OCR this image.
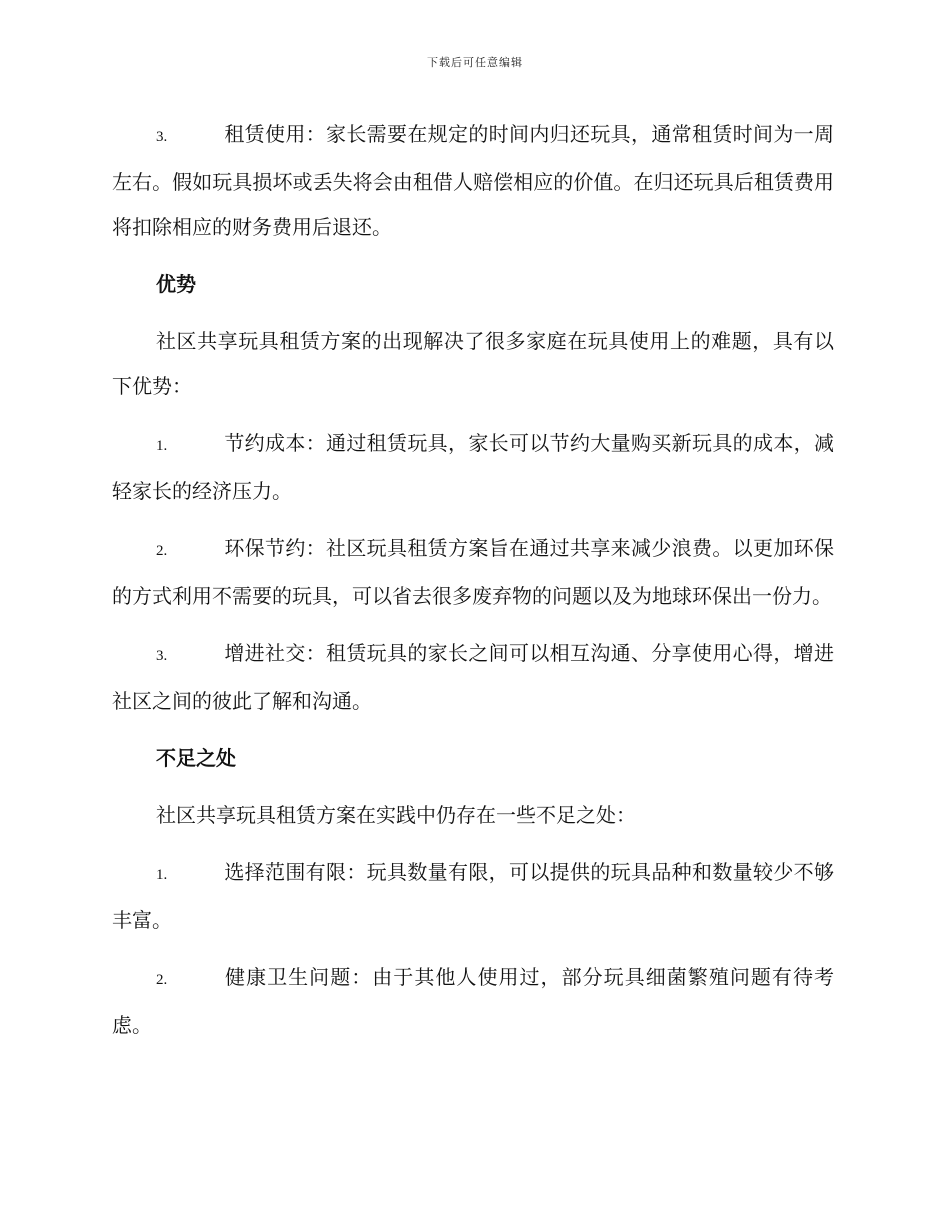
下载后可任意编辑

3.	租赁使用：家长需要在规定的时间内归还玩具，通常租赁时间为一周左右。假如玩具损坏或丢失将会由租借人赔偿相应的价值。在归还玩具后租赁费用将扣除相应的财务费用后退还。

优势

社区共享玩具租赁方案的出现解决了很多家庭在玩具使用上的难题，具有以下优势：

1.	节约成本：通过租赁玩具，家长可以节约大量购买新玩具的成本，减轻家长的经济压力。

2.	环保节约：社区玩具租赁方案旨在通过共享来减少浪费。以更加环保的方式利用不需要的玩具，可以省去很多废弃物的问题以及为地球环保出一份力。

3.	增进社交：租赁玩具的家长之间可以相互沟通、分享使用心得，增进社区之间的彼此了解和沟通。

不足之处

社区共享玩具租赁方案在实践中仍存在一些不足之处：

1.	选择范围有限：玩具数量有限，可以提供的玩具品种和数量较少不够丰富。

2.	健康卫生问题：由于其他人使用过，部分玩具细菌繁殖问题有待考虑。
